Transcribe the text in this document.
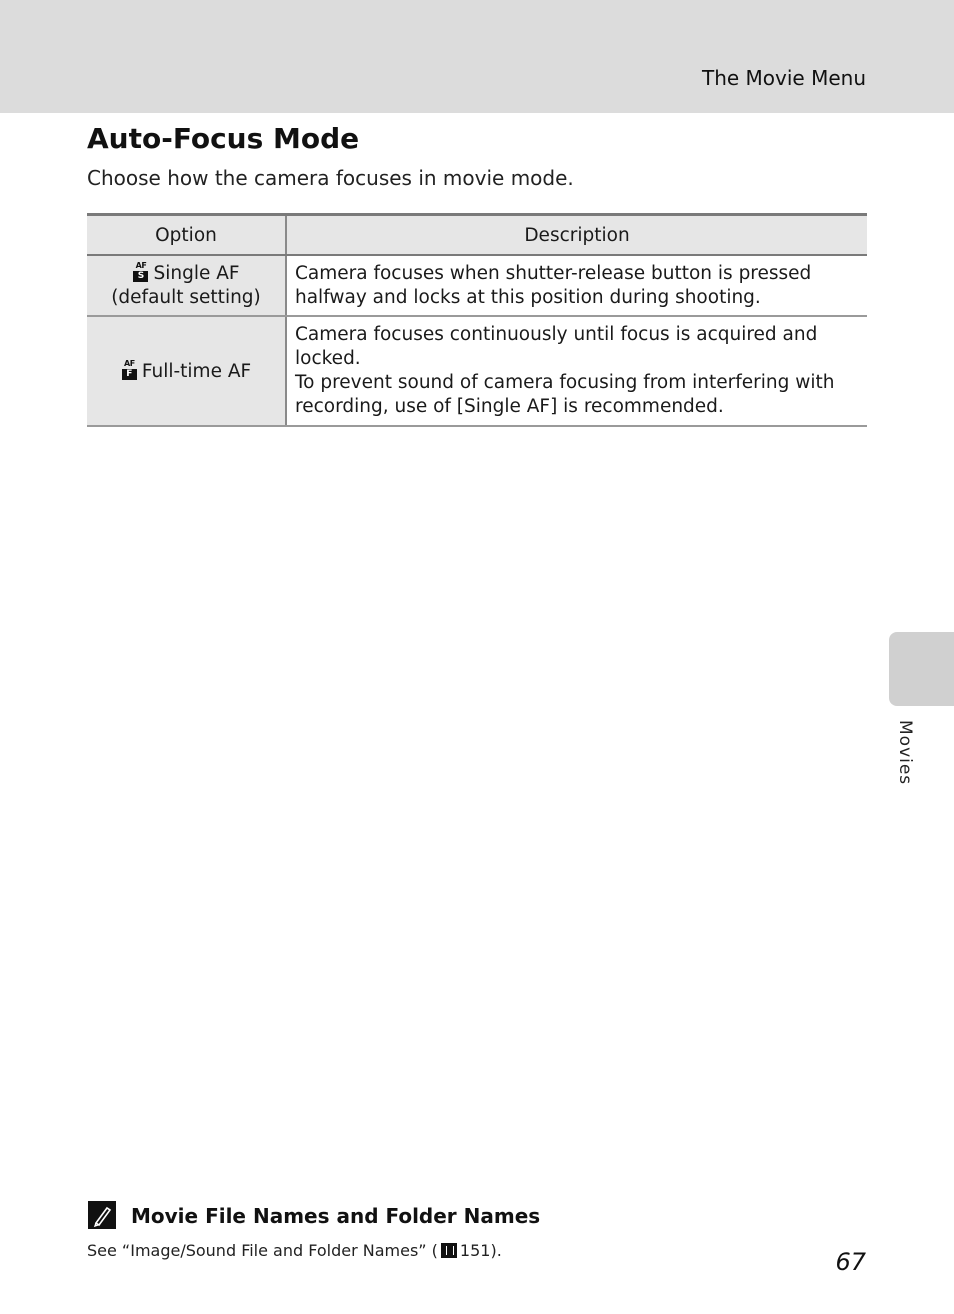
The Movie Menu
Auto-Focus Mode
Choose how the camera focuses in movie mode.
Option	Description

AF
S Single AF
(default setting)	Camera focuses when shutter-release button is pressed
halfway and locks at this position during shooting.

AF
F Full-time AF	Camera focuses continuously until focus is acquired and
locked.
To prevent sound of camera focusing from interfering with
recording, use of [Single AF] is recommended.
Movies
Movie File Names and Folder Names
See “Image/Sound File and Folder Names” ( 151).	67
